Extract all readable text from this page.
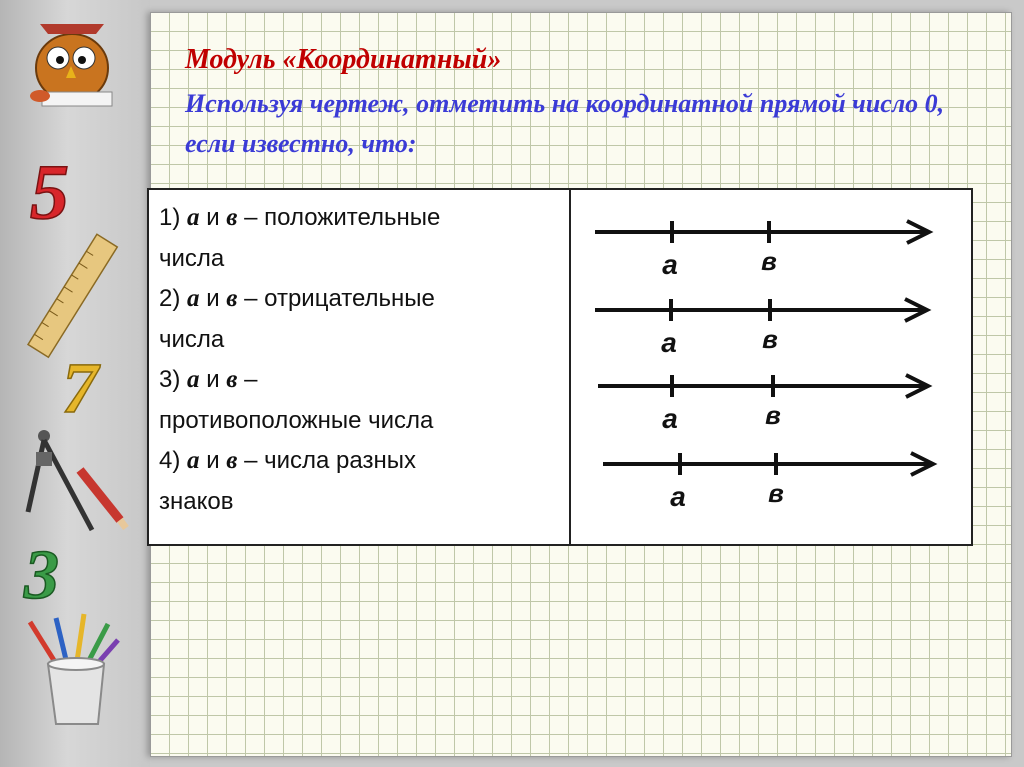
5
7
3
Модуль «Координатный»

Используя чертеж, отметить на координатной прямой число 0, если известно, что:

1) а и в – положительные
числа
2) а и в – отрицательные
числа
3) а и в –
противоположные числа
4) а и в – числа разных
знаков

а	в
а	в
а	в
а	в
